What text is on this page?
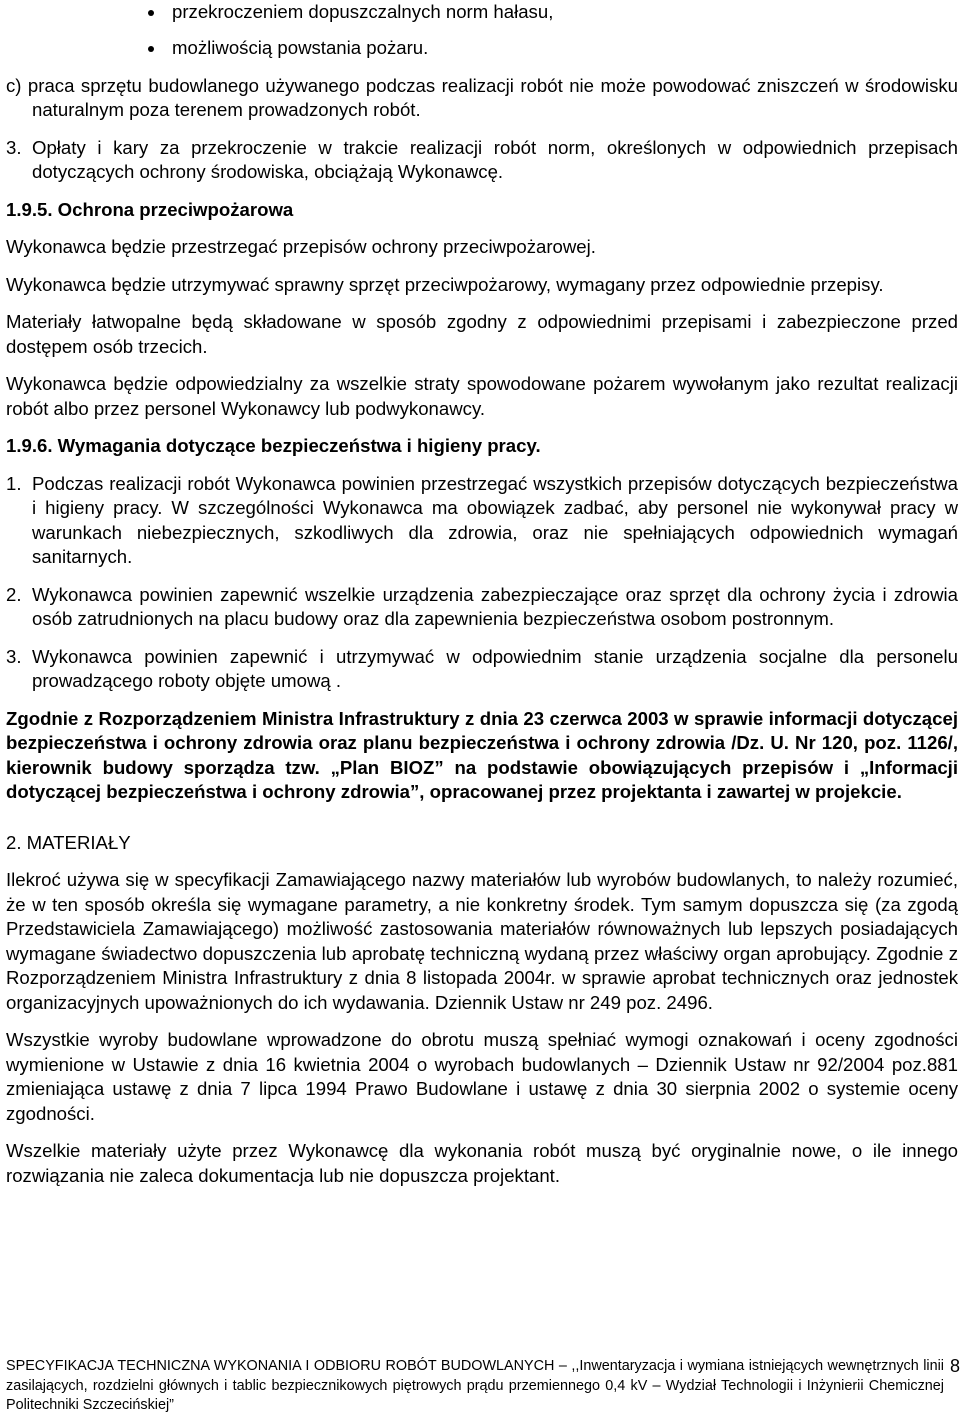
przekroczeniem dopuszczalnych norm hałasu,
możliwością powstania pożaru.

c) praca sprzętu budowlanego używanego podczas realizacji robót nie może powodować zniszczeń w środowisku naturalnym poza terenem prowadzonych robót.

3. Opłaty i kary za przekroczenie w trakcie realizacji robót norm, określonych w odpowiednich przepisach dotyczących ochrony środowiska, obciążają Wykonawcę.

1.9.5. Ochrona przeciwpożarowa

Wykonawca będzie przestrzegać przepisów ochrony przeciwpożarowej.

Wykonawca będzie utrzymywać sprawny sprzęt przeciwpożarowy, wymagany przez odpowiednie przepisy.

Materiały łatwopalne będą składowane w sposób zgodny z odpowiednimi przepisami i zabezpieczone przed dostępem osób trzecich.

Wykonawca będzie odpowiedzialny za wszelkie straty spowodowane pożarem wywołanym jako rezultat realizacji robót albo przez personel Wykonawcy lub podwykonawcy.

1.9.6. Wymagania dotyczące bezpieczeństwa i higieny pracy.

1. Podczas realizacji robót Wykonawca powinien przestrzegać wszystkich przepisów dotyczących bezpieczeństwa i higieny pracy. W szczególności Wykonawca ma obowiązek zadbać, aby personel nie wykonywał pracy w warunkach niebezpiecznych, szkodliwych dla zdrowia, oraz nie spełniających odpowiednich wymagań sanitarnych.
2. Wykonawca powinien zapewnić wszelkie urządzenia zabezpieczające oraz sprzęt dla ochrony życia i zdrowia osób zatrudnionych na placu budowy oraz dla zapewnienia bezpieczeństwa osobom postronnym.
3. Wykonawca powinien zapewnić i utrzymywać w odpowiednim stanie urządzenia socjalne dla personelu prowadzącego roboty objęte umową .

Zgodnie z Rozporządzeniem Ministra Infrastruktury z dnia 23 czerwca 2003 w sprawie informacji dotyczącej bezpieczeństwa i ochrony zdrowia oraz planu bezpieczeństwa i ochrony zdrowia /Dz. U. Nr 120, poz. 1126/, kierownik budowy sporządza tzw. „Plan BIOZ” na podstawie obowiązujących przepisów i „Informacji dotyczącej bezpieczeństwa i ochrony zdrowia”, opracowanej przez projektanta i zawartej w projekcie.

2. MATERIAŁY

Ilekroć używa się w specyfikacji Zamawiającego nazwy materiałów lub wyrobów budowlanych, to należy rozumieć, że w ten sposób określa się wymagane parametry, a nie konkretny środek. Tym samym dopuszcza się (za zgodą Przedstawiciela Zamawiającego) możliwość zastosowania materiałów równoważnych lub lepszych posiadających wymagane świadectwo dopuszczenia lub aprobatę techniczną wydaną przez właściwy organ aprobujący. Zgodnie z Rozporządzeniem Ministra Infrastruktury z dnia 8 listopada 2004r. w sprawie aprobat technicznych oraz jednostek organizacyjnych upoważnionych do ich wydawania. Dziennik Ustaw nr 249 poz. 2496.

Wszystkie wyroby budowlane wprowadzone do obrotu muszą spełniać wymogi oznakowań i oceny zgodności wymienione w Ustawie z dnia 16 kwietnia 2004 o wyrobach budowlanych – Dziennik Ustaw nr 92/2004 poz.881 zmieniająca ustawę z dnia 7 lipca 1994 Prawo Budowlane i ustawę z dnia 30 sierpnia 2002 o systemie oceny zgodności.

Wszelkie materiały użyte przez Wykonawcę dla wykonania robót muszą być oryginalnie nowe, o ile innego rozwiązania nie zaleca dokumentacja lub nie dopuszcza projektant.

SPECYFIKACJA TECHNICZNA WYKONANIA I ODBIORU ROBÓT BUDOWLANYCH – ,,Inwentaryzacja i wymiana istniejących wewnętrznych linii zasilających, rozdzielni głównych i tablic bezpiecznikowych piętrowych prądu przemiennego 0,4 kV – Wydział Technologii i Inżynierii Chemicznej Politechniki Szczecińskiej”
8
